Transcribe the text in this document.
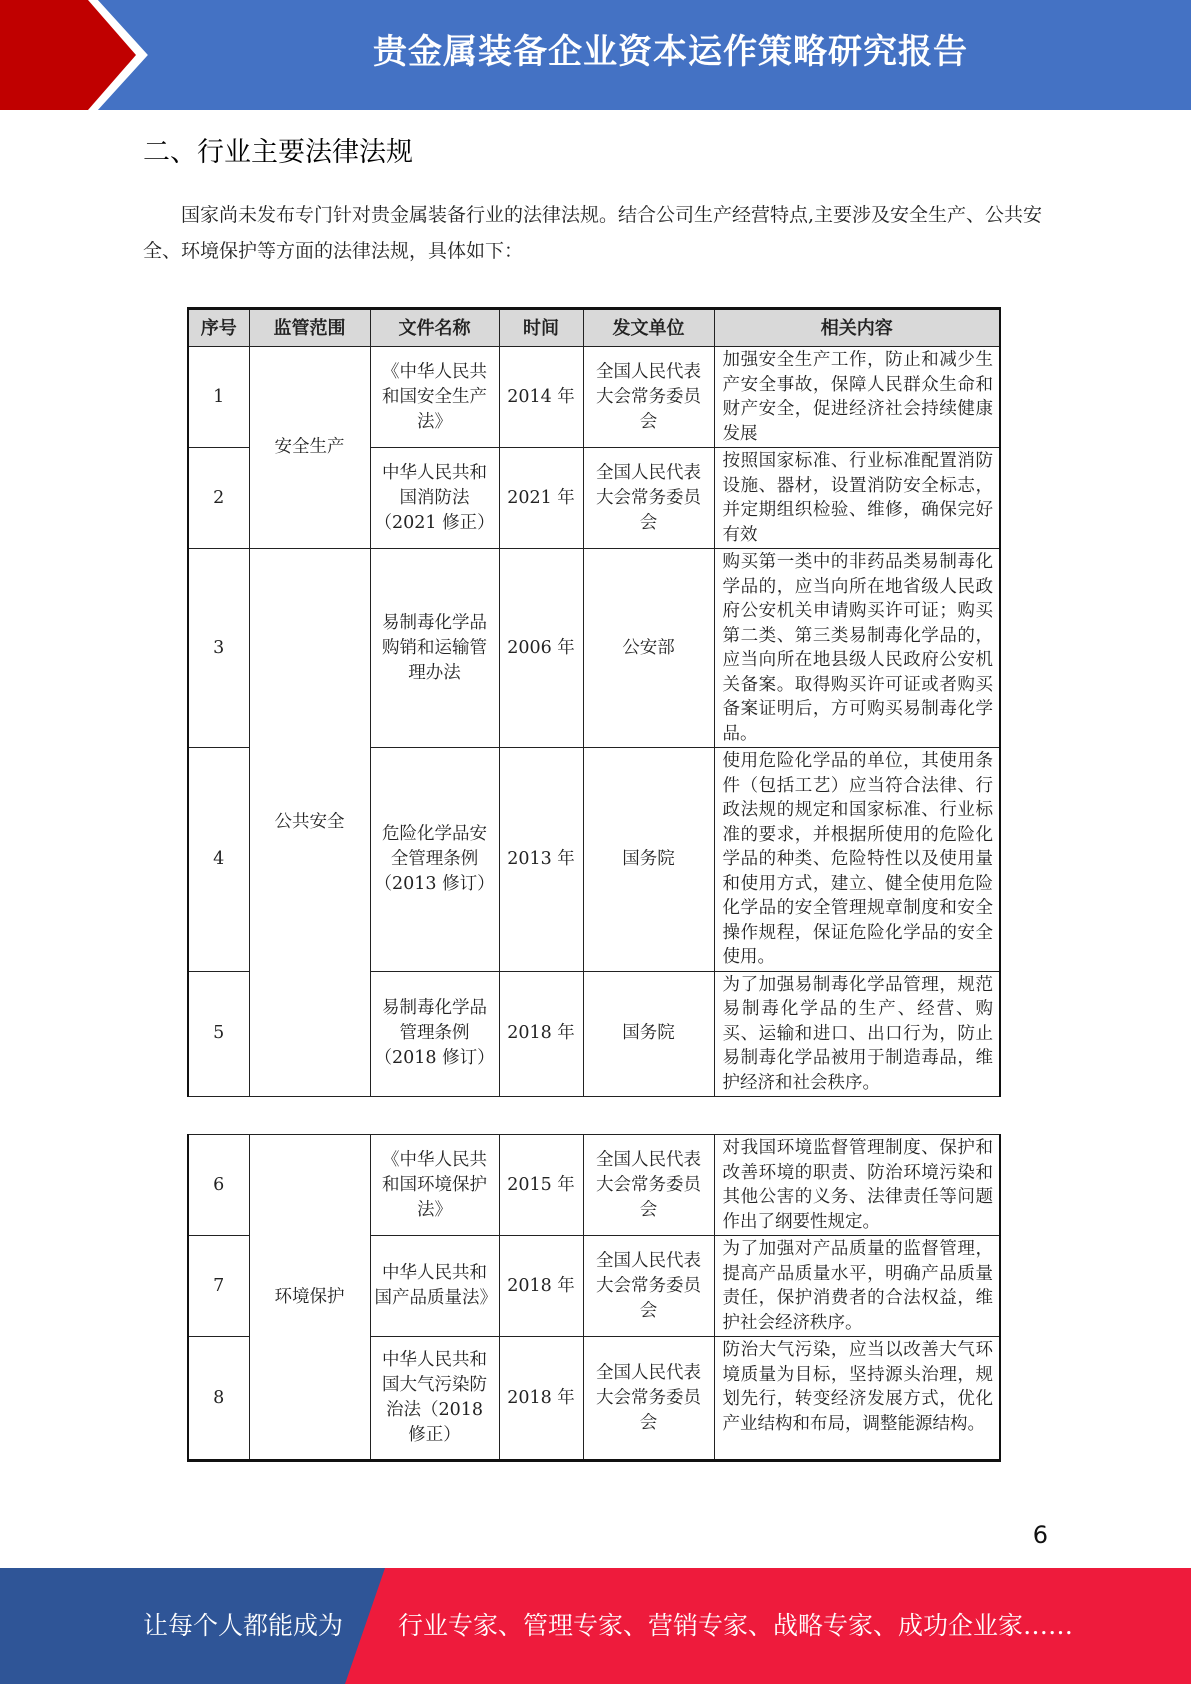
贵金属装备企业资本运作策略研究报告
二、行业主要法律法规
国家尚未发布专门针对贵金属装备行业的法律法规。结合公司生产经营特点,主要涉及安全生产、公共安全、环境保护等方面的法律法规，具体如下：
序号	监管范围	文件名称	时间	发文单位	相关内容
1	安全生产	《中华人民共和国安全生产法》	2014 年	全国人民代表大会常务委员会	加强安全生产工作，防止和减少生产安全事故，保障人民群众生命和财产安全，促进经济社会持续健康发展
2		中华人民共和国消防法（2021 修正）	2021 年	全国人民代表大会常务委员会	按照国家标准、行业标准配置消防设施、器材，设置消防安全标志，并定期组织检验、维修，确保完好有效
3	公共安全	易制毒化学品购销和运输管理办法	2006 年	公安部	购买第一类中的非药品类易制毒化学品的，应当向所在地省级人民政府公安机关申请购买许可证；购买第二类、第三类易制毒化学品的，应当向所在地县级人民政府公安机关备案。取得购买许可证或者购买备案证明后，方可购买易制毒化学品。
4		危险化学品安全管理条例（2013 修订）	2013 年	国务院	使用危险化学品的单位，其使用条件（包括工艺）应当符合法律、行政法规的规定和国家标准、行业标准的要求，并根据所使用的危险化学品的种类、危险特性以及使用量和使用方式，建立、健全使用危险化学品的安全管理规章制度和安全操作规程，保证危险化学品的安全使用。
5		易制毒化学品管理条例（2018 修订）	2018 年	国务院	为了加强易制毒化学品管理，规范易制毒化学品的生产、经营、购买、运输和进口、出口行为，防止易制毒化学品被用于制造毒品，维护经济和社会秩序。
6	环境保护	《中华人民共和国环境保护法》	2015 年	全国人民代表大会常务委员会	对我国环境监督管理制度、保护和改善环境的职责、防治环境污染和其他公害的义务、法律责任等问题作出了纲要性规定。
7		中华人民共和国产品质量法》	2018 年	全国人民代表大会常务委员会	为了加强对产品质量的监督管理，提高产品质量水平，明确产品质量责任，保护消费者的合法权益，维护社会经济秩序。
8		中华人民共和国大气污染防治法（2018 修正）	2018 年	全国人民代表大会常务委员会	防治大气污染，应当以改善大气环境质量为目标，坚持源头治理，规划先行，转变经济发展方式，优化产业结构和布局，调整能源结构。
6
让每个人都能成为 行业专家、管理专家、营销专家、战略专家、成功企业家……
